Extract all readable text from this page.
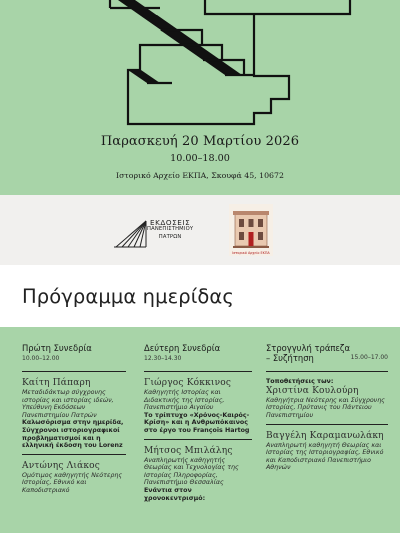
Παρασκευή 20 Μαρτίου 2026
10.00–18.00
Ιστορικό Αρχείο ΕΚΠΑ, Σκουφά 45, 10672
ΕΚΔΟΣΕΙΣ
ΠΑΝΕΠΙΣΤΗΜΙΟΥ
ΠΑΤΡΩΝ
Ιστορικό Αρχείο ΕΚΠΑ
Πρόγραμμα ημερίδας
Πρώτη Συνεδρία
10.00–12.00
Καίτη Πάπαρη
Μεταδιδάκτωρ σύγχρονης ιστορίας και ιστορίας ιδεών, Υπεύθυνη Εκδόσεων Πανεπιστημίου Πατρών
Καλωσόρισμα στην ημερίδα, Σύγχρονοι ιστοριογραφικοί προβληματισμοί και η ελληνική έκδοση του Lorenz
Αντώνης Λιάκος
Ομότιμος καθηγητής Νεότερης Ιστορίας, Εθνικό και Καποδιστριακό
Δεύτερη Συνεδρία
12.30–14.30
Γιώργος Κόκκινος
Καθηγητής Ιστορίας και Διδακτικής της Ιστορίας, Πανεπιστήμιο Αιγαίου
Το τρίπτυχο «Χρόνος-Καιρός-Κρίση» και η Ανθρωπόκαινος στο έργο του François Hartog
Μήτσος Μπιλάλης
Αναπληρωτής καθηγητής Θεωρίας και Τεχνολογίας της Ιστορίας Πληροφορίας, Πανεπιστήμιο Θεσσαλίας
Ενάντια στον χρονοκεντρισμό:
Στρογγυλή τράπεζα – Συζήτηση	15.00–17.00
Τοποθετήσεις των:
Χριστίνα Κουλούρη
Καθηγήτρια Νεότερης και Σύγχρονης Ιστορίας, Πρύτανις του Πάντειου Πανεπιστημίου
Βαγγέλη Καραμανωλάκη
Αναπληρωτή καθηγητή Θεωρίας και Ιστορίας της Ιστοριογραφίας, Εθνικό και Καποδιστριακό Πανεπιστήμιο Αθηνών
